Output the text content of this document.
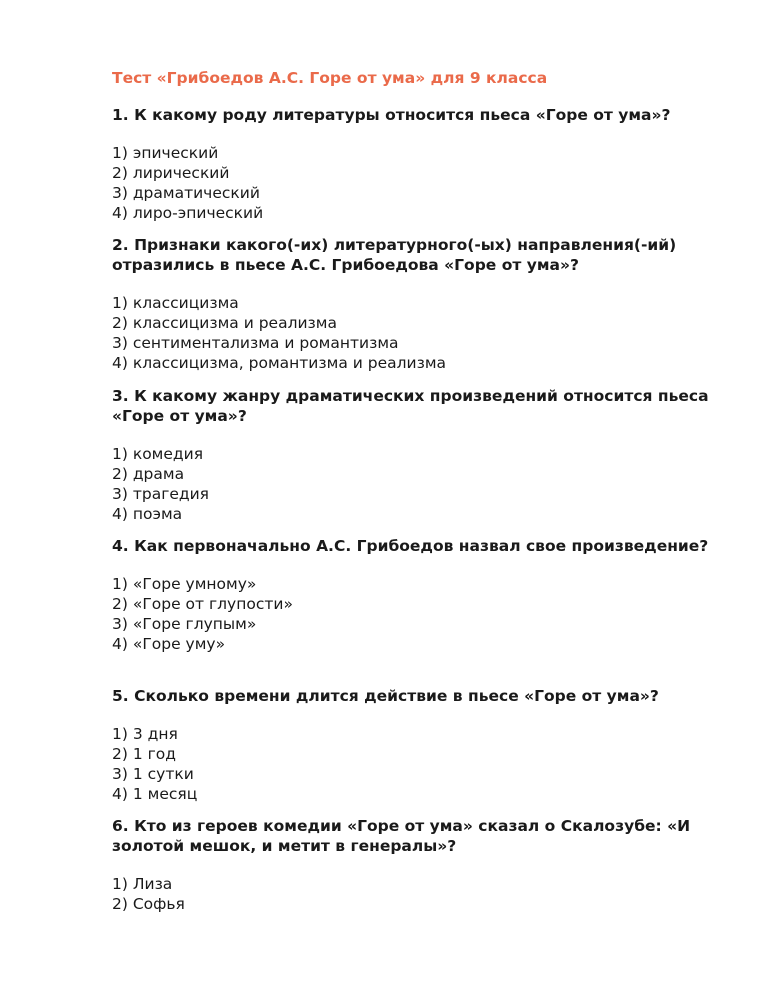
Тест «Грибоедов А.С. Горе от ума» для 9 класса
1. К какому роду литературы относится пьеса «Горе от ума»?
1) эпический
2) лирический
3) драматический
4) лиро-эпический
2. Признаки какого(-их) литературного(-ых) направления(-ий) отразились в пьесе А.С. Грибоедова «Горе от ума»?
1) классицизма
2) классицизма и реализма
3) сентиментализма и романтизма
4) классицизма, романтизма и реализма
3. К какому жанру драматических произведений относится пьеса «Горе от ума»?
1) комедия
2) драма
3) трагедия
4) поэма
4. Как первоначально А.С. Грибоедов назвал свое произведение?
1) «Горе умному»
2) «Горе от глупости»
3) «Горе глупым»
4) «Горе уму»
5. Сколько времени длится действие в пьесе «Горе от ума»?
1) 3 дня
2) 1 год
3) 1 сутки
4) 1 месяц
6. Кто из героев комедии «Горе от ума» сказал о Скалозубе: «И золотой мешок, и метит в генералы»?
1) Лиза
2) Софья
